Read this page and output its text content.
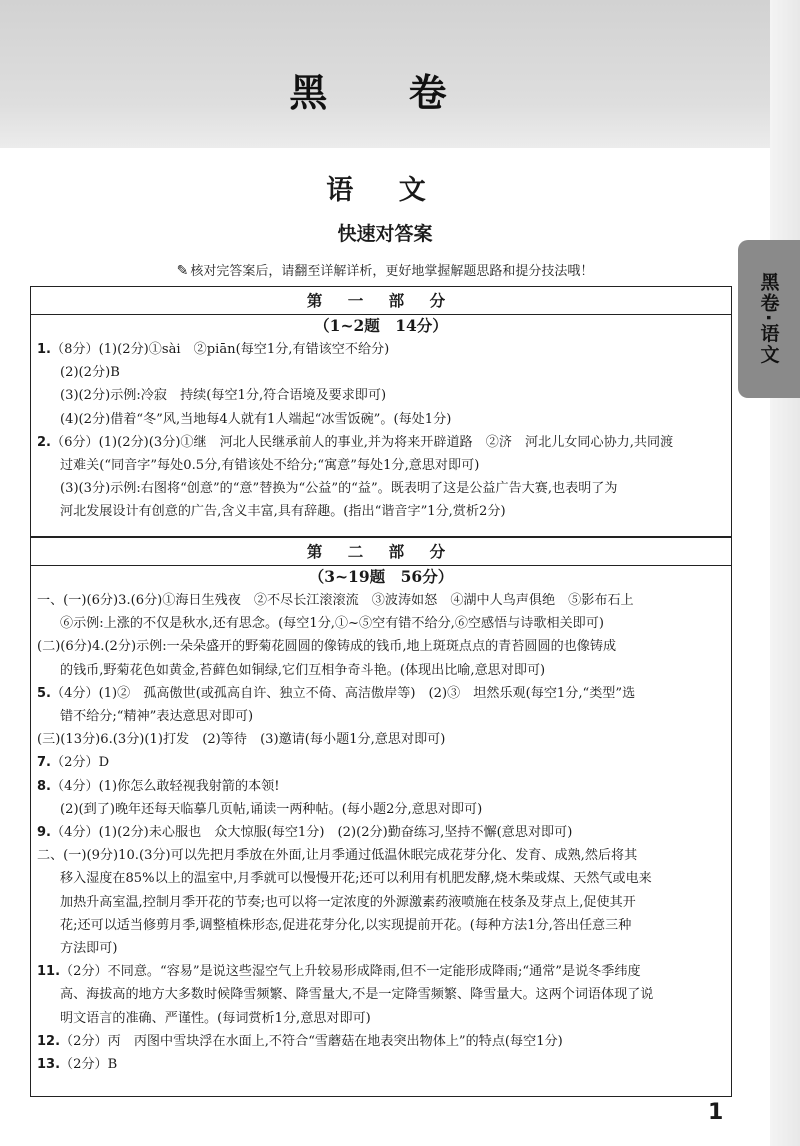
黑 卷
黑卷·语文
语 文
快速对答案
✎ 核对完答案后，请翻至详解详析，更好地掌握解题思路和提分技法哦！
第 一 部 分
（1~2题　14分）
1.（8分）(1)(2分)①sài　②piān(每空1分,有错该空不给分)
(2)(2分)B
(3)(2分)示例:冷寂　持续(每空1分,符合语境及要求即可)
(4)(2分)借着“冬”风,当地每4人就有1人端起“冰雪饭碗”。(每处1分)
2.（6分）(1)(2分)(3分)①继　河北人民继承前人的事业,并为将来开辟道路　②济　河北儿女同心协力,共同渡
过难关(“同音字”每处0.5分,有错该处不给分;“寓意”每处1分,意思对即可)
(3)(3分)示例:右图将“创意”的“意”替换为“公益”的“益”。既表明了这是公益广告大赛,也表明了为
河北发展设计有创意的广告,含义丰富,具有辞趣。(指出“谐音字”1分,赏析2分)
第 二 部 分
（3~19题　56分）
一、(一)(6分)3.(6分)①海日生残夜　②不尽长江滚滚流　③波涛如怒　④湖中人鸟声俱绝　⑤影布石上
⑥示例:上涨的不仅是秋水,还有思念。(每空1分,①~⑤空有错不给分,⑥空感悟与诗歌相关即可)
(二)(6分)4.(2分)示例:一朵朵盛开的野菊花圆圆的像铸成的钱币,地上斑斑点点的青苔圆圆的也像铸成
的钱币,野菊花色如黄金,苔藓色如铜绿,它们互相争奇斗艳。(体现出比喻,意思对即可)
5.（4分）(1)②　孤高傲世(或孤高自许、独立不倚、高洁傲岸等)　(2)③　坦然乐观(每空1分,“类型”选
错不给分;“精神”表达意思对即可)
(三)(13分)6.(3分)(1)打发　(2)等待　(3)邀请(每小题1分,意思对即可)
7.（2分）D
8.（4分）(1)你怎么敢轻视我射箭的本领!
(2)(到了)晚年还每天临摹几页帖,诵读一两种帖。(每小题2分,意思对即可)
9.（4分）(1)(2分)未心服也　众大惊服(每空1分)　(2)(2分)勤奋练习,坚持不懈(意思对即可)
二、(一)(9分)10.(3分)可以先把月季放在外面,让月季通过低温休眠完成花芽分化、发育、成熟,然后将其
移入湿度在85%以上的温室中,月季就可以慢慢开花;还可以利用有机肥发酵,烧木柴或煤、天然气或电来
加热升高室温,控制月季开花的节奏;也可以将一定浓度的外源激素药液喷施在枝条及芽点上,促使其开
花;还可以适当修剪月季,调整植株形态,促进花芽分化,以实现提前开花。(每种方法1分,答出任意三种
方法即可)
11.（2分）不同意。“容易”是说这些湿空气上升较易形成降雨,但不一定能形成降雨;“通常”是说冬季纬度
高、海拔高的地方大多数时候降雪频繁、降雪量大,不是一定降雪频繁、降雪量大。这两个词语体现了说
明文语言的准确、严谨性。(每词赏析1分,意思对即可)
12.（2分）丙　丙图中雪块浮在水面上,不符合“雪蘑菇在地表突出物体上”的特点(每空1分)
13.（2分）B
1
